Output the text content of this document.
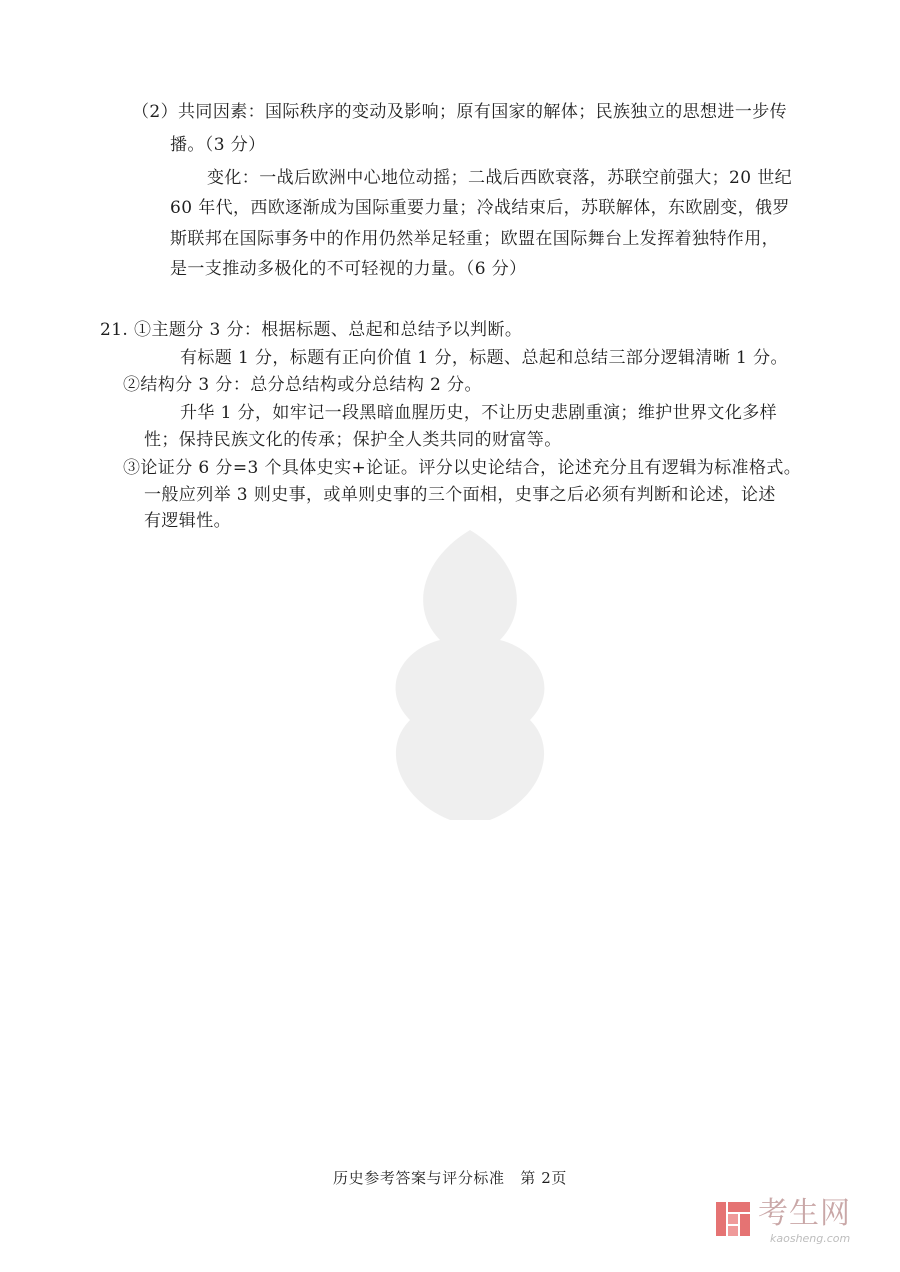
（2）共同因素：国际秩序的变动及影响；原有国家的解体；民族独立的思想进一步传
播。（3 分）
变化：一战后欧洲中心地位动摇；二战后西欧衰落，苏联空前强大；20 世纪
60 年代，西欧逐渐成为国际重要力量；冷战结束后，苏联解体，东欧剧变，俄罗
斯联邦在国际事务中的作用仍然举足轻重；欧盟在国际舞台上发挥着独特作用，
是一支推动多极化的不可轻视的力量。（6 分）
21. ①主题分 3 分：根据标题、总起和总结予以判断。
有标题 1 分，标题有正向价值 1 分，标题、总起和总结三部分逻辑清晰 1 分。
②结构分 3 分：总分总结构或分总结构 2 分。
升华 1 分，如牢记一段黑暗血腥历史，不让历史悲剧重演；维护世界文化多样
性；保持民族文化的传承；保护全人类共同的财富等。
③论证分 6 分=3 个具体史实+论证。评分以史论结合，论述充分且有逻辑为标准格式。
一般应列举 3 则史事，或单则史事的三个面相，史事之后必须有判断和论述，论述
有逻辑性。
历史参考答案与评分标准　第 2页
考生网
kaosheng.com
